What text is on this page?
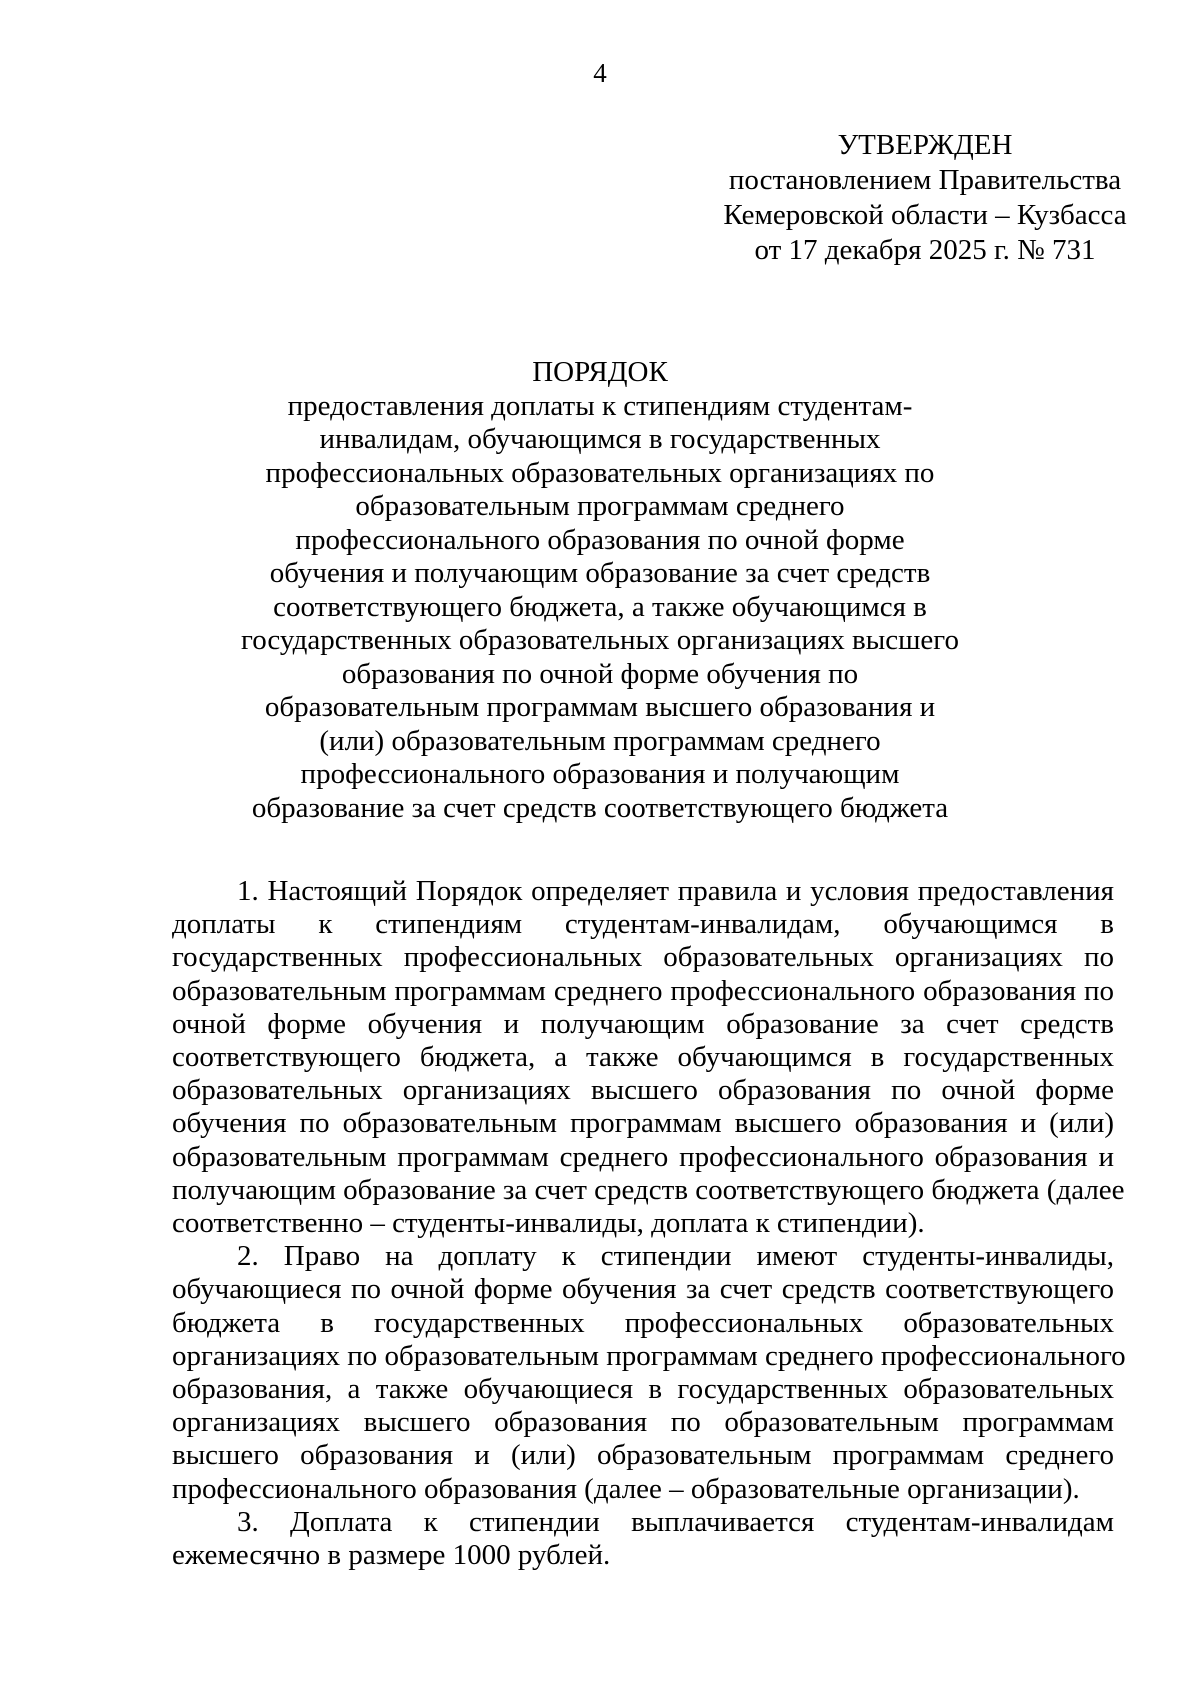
4
УТВЕРЖДЕН
постановлением Правительства
Кемеровской области – Кузбасса
от 17 декабря 2025 г. № 731
ПОРЯДОК
предоставления доплаты к стипендиям студентам-
инвалидам, обучающимся в государственных
профессиональных образовательных организациях по
образовательным программам среднего
профессионального образования по очной форме
обучения и получающим образование за счет средств
соответствующего бюджета, а также обучающимся в
государственных образовательных организациях высшего
образования по очной форме обучения по
образовательным программам высшего образования и
(или) образовательным программам среднего
профессионального образования и получающим
образование за счет средств соответствующего бюджета
1. Настоящий Порядок определяет правила и условия предоставления
доплаты к стипендиям студентам-инвалидам, обучающимся в
государственных профессиональных образовательных организациях по
образовательным программам среднего профессионального образования по
очной форме обучения и получающим образование за счет средств
соответствующего бюджета, а также обучающимся в государственных
образовательных организациях высшего образования по очной форме
обучения по образовательным программам высшего образования и (или)
образовательным программам среднего профессионального образования и
получающим образование за счет средств соответствующего бюджета (далее
соответственно – студенты-инвалиды, доплата к стипендии).
2. Право на доплату к стипендии имеют студенты-инвалиды,
обучающиеся по очной форме обучения за счет средств соответствующего
бюджета в государственных профессиональных образовательных
организациях по образовательным программам среднего профессионального
образования, а также обучающиеся в государственных образовательных
организациях высшего образования по образовательным программам
высшего образования и (или) образовательным программам среднего
профессионального образования (далее – образовательные организации).
3. Доплата к стипендии выплачивается студентам-инвалидам
ежемесячно в размере 1000 рублей.
